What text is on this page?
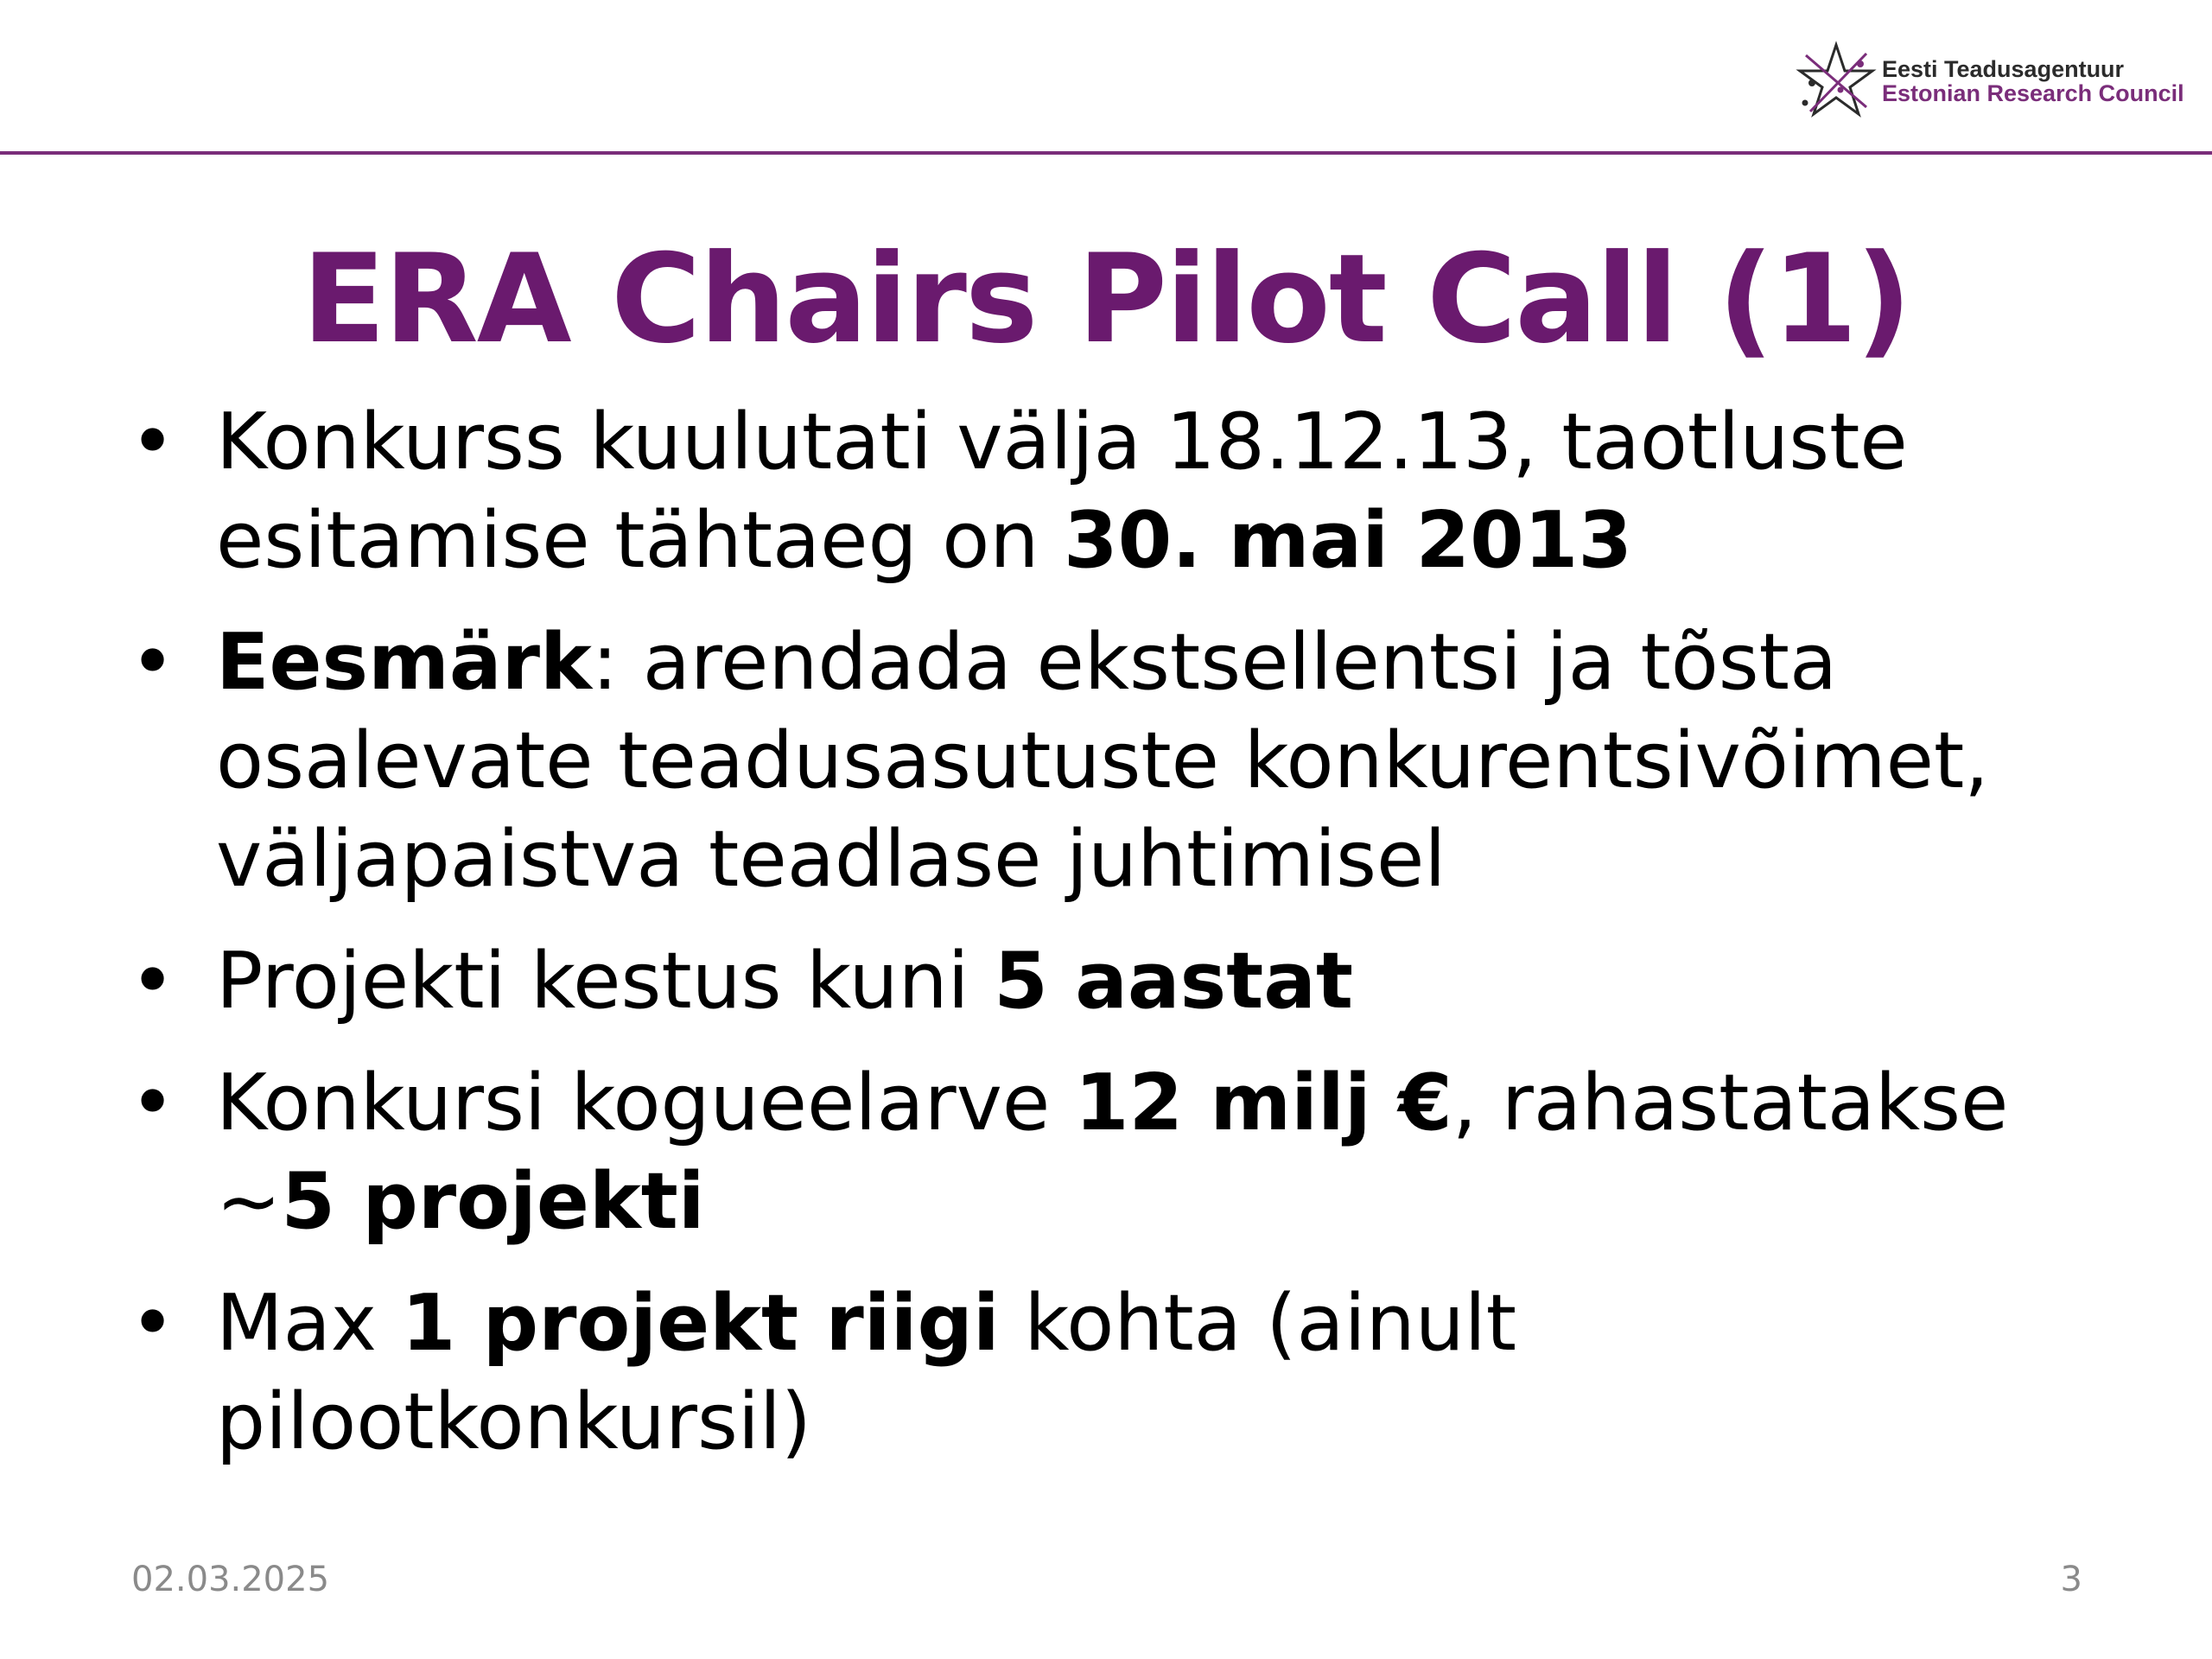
Eesti Teadusagentuur
Estonian Research Council
ERA Chairs Pilot Call (1)
• Konkurss kuulutati välja 18.12.13, taotluste esitamise tähtaeg on 30. mai 2013
• Eesmärk: arendada ekstsellentsi ja tõsta osalevate teadusasutuste konkurentsivõimet, väljapaistva teadlase juhtimisel
• Projekti kestus kuni 5 aastat
• Konkursi kogueelarve 12 milj €, rahastatakse ~5 projekti
• Max 1 projekt riigi kohta (ainult pilootkonkursil)
02.03.2025	3
